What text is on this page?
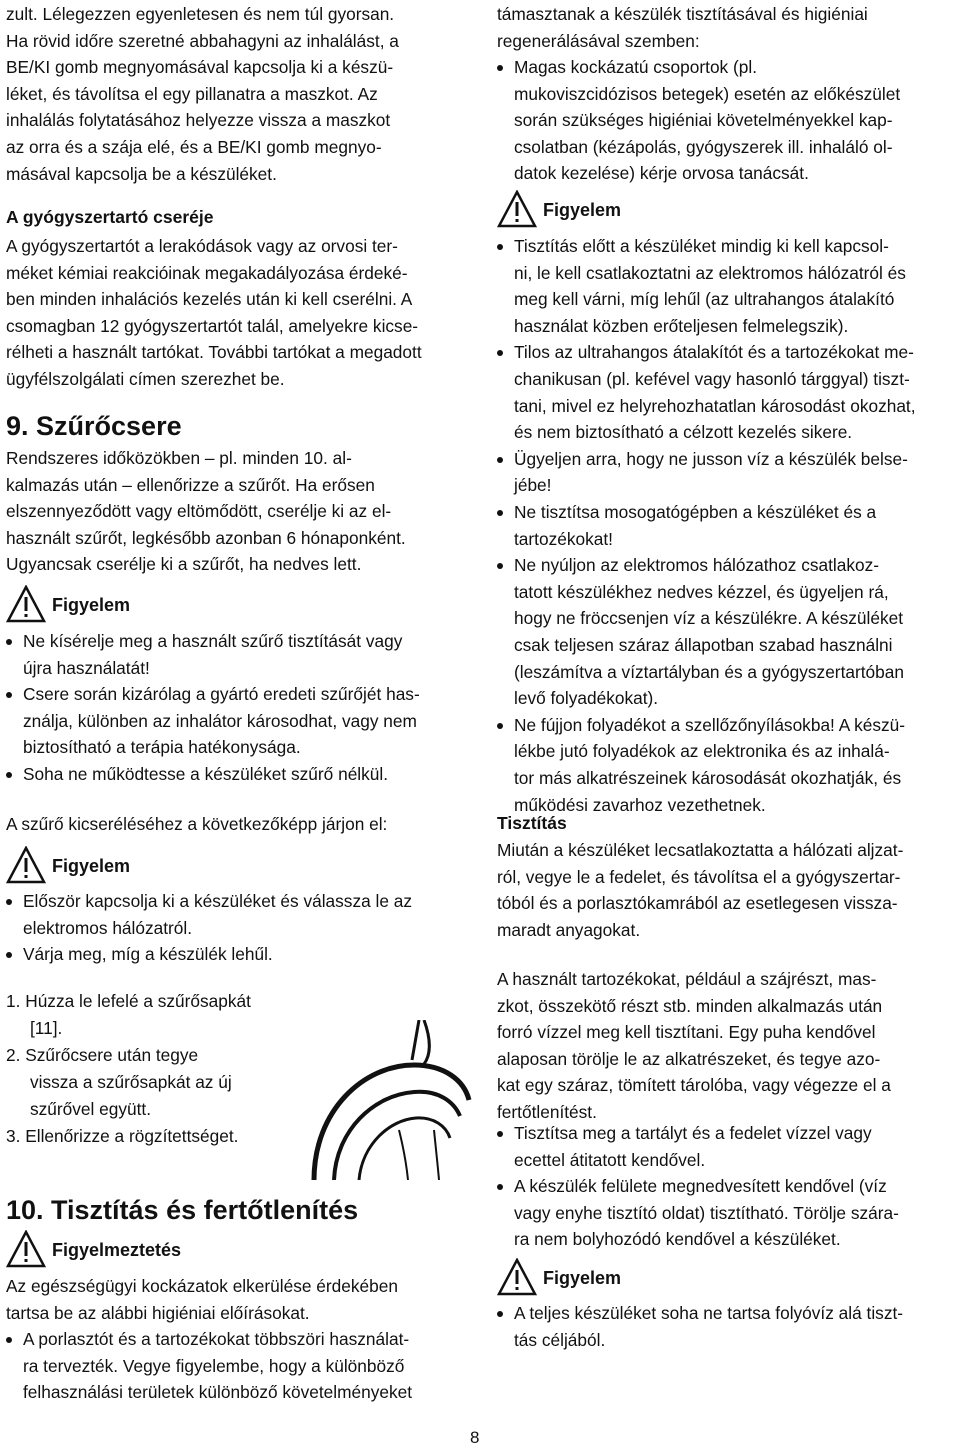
zult. Lélegezzen egyenletesen és nem túl gyorsan.
Ha rövid időre szeretné abbahagyni az inhalálást, a
BE/KI gomb megnyomásával kapcsolja ki a készü-
léket, és távolítsa el egy pillanatra a maszkot. Az
inhalálás folytatásához helyezze vissza a maszkot
az orra és a szája elé, és a BE/KI gomb megnyo-
másával kapcsolja be a készüléket.
A gyógyszertartó cseréje
A gyógyszertartót a lerakódások vagy az orvosi ter-
méket kémiai reakcióinak megakadályozása érdeké-
ben minden inhalációs kezelés után ki kell cserélni. A
csomagban 12 gyógyszertartót talál, amelyekre kicse-
rélheti a használt tartókat. További tartókat a megadott
ügyfélszolgálati címen szerezhet be.
9. Szűrőcsere
Rendszeres időközökben – pl. minden 10. al-
kalmazás után – ellenőrizze a szűrőt. Ha erősen
elszennyeződött vagy eltömődött, cserélje ki az el-
használt szűrőt, legkésőbb azonban 6 hónaponként.
Ugyancsak cserélje ki a szűrőt, ha nedves lett.
Figyelem
Ne kísérelje meg a használt szűrő tisztítását vagy
újra használatát!
Csere során kizárólag a gyártó eredeti szűrőjét has-
ználja, különben az inhalátor károsodhat, vagy nem
biztosítható a terápia hatékonysága.
Soha ne működtesse a készüléket szűrő nélkül.
A szűrő kicseréléséhez a következőképp járjon el:
Figyelem
Először kapcsolja ki a készüléket és válassza le az
elektromos hálózatról.
Várja meg, míg a készülék lehűl.
1. Húzza le lefelé a szűrősapkát
[11].
2. Szűrőcsere után tegye
vissza a szűrősapkát az új
szűrővel együtt.
3. Ellenőrizze a rögzítettséget.
10. Tisztítás és fertőtlenítés
Figyelmeztetés
Az egészségügyi kockázatok elkerülése érdekében
tartsa be az alábbi higiéniai előírásokat.
A porlasztót és a tartozékokat többszöri használat-
ra tervezték. Vegye figyelembe, hogy a különböző
felhasználási területek különböző követelményeket
támasztanak a készülék tisztításával és higiéniai
regenerálásával szemben:
Magas kockázatú csoportok (pl.
mukoviszcidózisos betegek) esetén az előkészület
során szükséges higiéniai követelményekkel kap-
csolatban (kézápolás, gyógyszerek ill. inhaláló ol-
datok kezelése) kérje orvosa tanácsát.
Figyelem
Tisztítás előtt a készüléket mindig ki kell kapcsol-
ni, le kell csatlakoztatni az elektromos hálózatról és
meg kell várni, míg lehűl (az ultrahangos átalakító
használat közben erőteljesen felmelegszik).
Tilos az ultrahangos átalakítót és a tartozékokat me-
chanikusan (pl. kefével vagy hasonló tárggyal) tiszt-
tani, mivel ez helyrehozhatatlan károsodást okozhat,
és nem biztosítható a célzott kezelés sikere.
Ügyeljen arra, hogy ne jusson víz a készülék belse-
jébe!
Ne tisztítsa mosogatógépben a készüléket és a
tartozékokat!
Ne nyúljon az elektromos hálózathoz csatlakoz-
tatott készülékhez nedves kézzel, és ügyeljen rá,
hogy ne fröccsenjen víz a készülékre. A készüléket
csak teljesen száraz állapotban szabad használni
(leszámítva a víztartályban és a gyógyszertartóban
levő folyadékokat).
Ne fújjon folyadékot a szellőzőnyílásokba! A készü-
lékbe jutó folyadékok az elektronika és az inhalá-
tor más alkatrészeinek károsodását okozhatják, és
működési zavarhoz vezethetnek.
Tisztítás
Miután a készüléket lecsatlakoztatta a hálózati aljzat-
ról, vegye le a fedelet, és távolítsa el a gyógyszertar-
tóból és a porlasztókamrából az esetlegesen vissza-
maradt anyagokat.
A használt tartozékokat, például a szájrészt, mas-
zkot, összekötő részt stb. minden alkalmazás után
forró vízzel meg kell tisztítani. Egy puha kendővel
alaposan törölje le az alkatrészeket, és tegye azo-
kat egy száraz, tömített tárolóba, vagy végezze el a
fertőtlenítést.
Tisztítsa meg a tartályt és a fedelet vízzel vagy
ecettel átitatott kendővel.
A készülék felülete megnedvesített kendővel (víz
vagy enyhe tisztító oldat) tisztítható. Törölje szára-
ra nem bolyhozódó kendővel a készüléket.
Figyelem
A teljes készüléket soha ne tartsa folyóvíz alá tiszt-
tás céljából.
8
